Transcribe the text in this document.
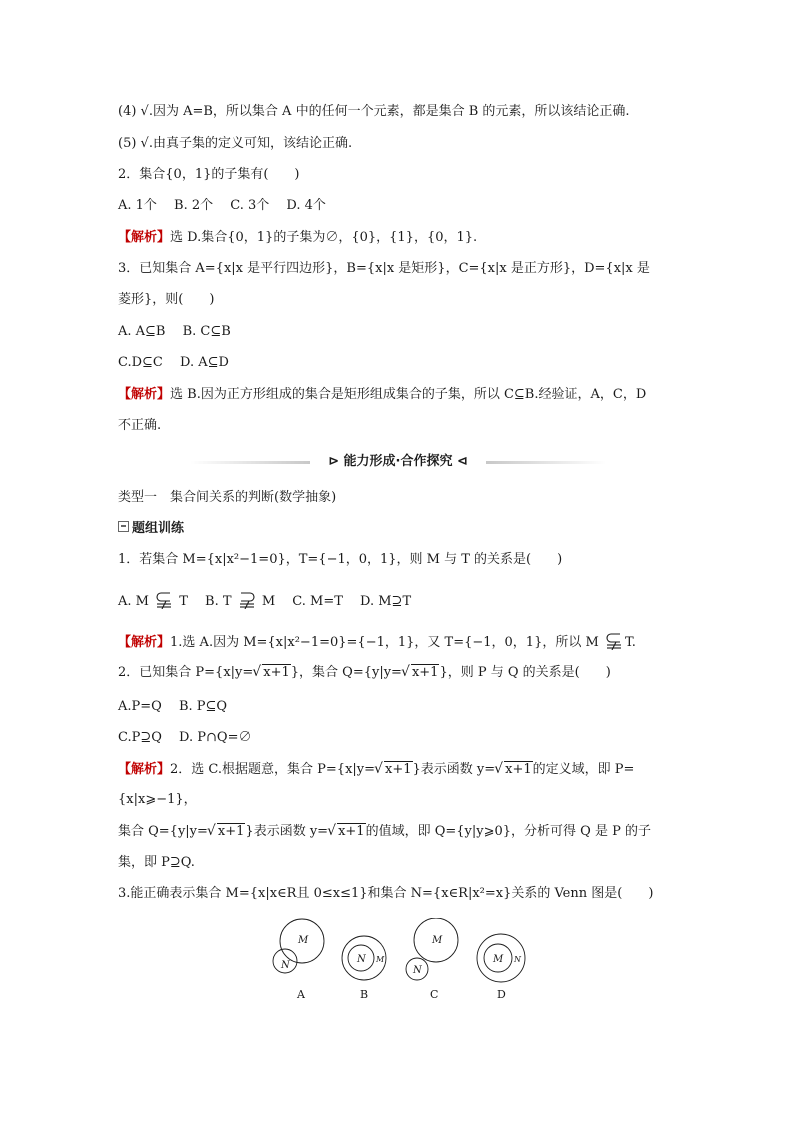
(4) √.因为 A=B，所以集合 A 中的任何一个元素，都是集合 B 的元素，所以该结论正确.
(5) √.由真子集的定义可知，该结论正确.
2．集合{0，1}的子集有(　　)
A. 1个　 B. 2个　 C. 3个　 D. 4个
【解析】选 D.集合{0，1}的子集为∅，{0}，{1}，{0，1}.
3．已知集合 A={x|x 是平行四边形}，B={x|x 是矩形}，C={x|x 是正方形}，D={x|x 是
菱形}，则(　　)
A. A⊆B　 B. C⊆B
C.D⊆C　 D. A⊆D
【解析】选 B.因为正方形组成的集合是矩形组成集合的子集，所以 C⊆B.经验证，A，C，D
不正确.
⊳ 能力形成·合作探究 ⊲
类型一　集合间关系的判断(数学抽象)
题组训练
1．若集合 M={x|x²−1=0}，T={−1，0，1}，则 M 与 T 的关系是(　　)
A. M T　 B. T M　 C. M=T　 D. M⊇T
【解析】1.选 A.因为 M={x|x²−1=0}={−1，1}，又 T={−1，0，1}，所以 M T.
2．已知集合 P={x|y= √ x+1}，集合 Q={y|y= √ x+1}，则 P 与 Q 的关系是(　　)
A.P=Q　 B. P⊆Q
C.P⊇Q　 D. P∩Q=∅
【解析】2．选 C.根据题意，集合 P={x|y= √ x+1}表示函数 y= √ x+1的定义域，即 P=
{x|x⩾−1}，
集合 Q={y|y= √ x+1}表示函数 y= √ x+1的值域，即 Q={y|y⩾0}，分析可得 Q 是 P 的子
集，即 P⊇Q.
3.能正确表示集合 M={x|x∈R且 0≤x≤1}和集合 N={x∈R|x²=x}关系的 Venn 图是(　　)
M
N
A
N M
B
M
N
C
M N
D
